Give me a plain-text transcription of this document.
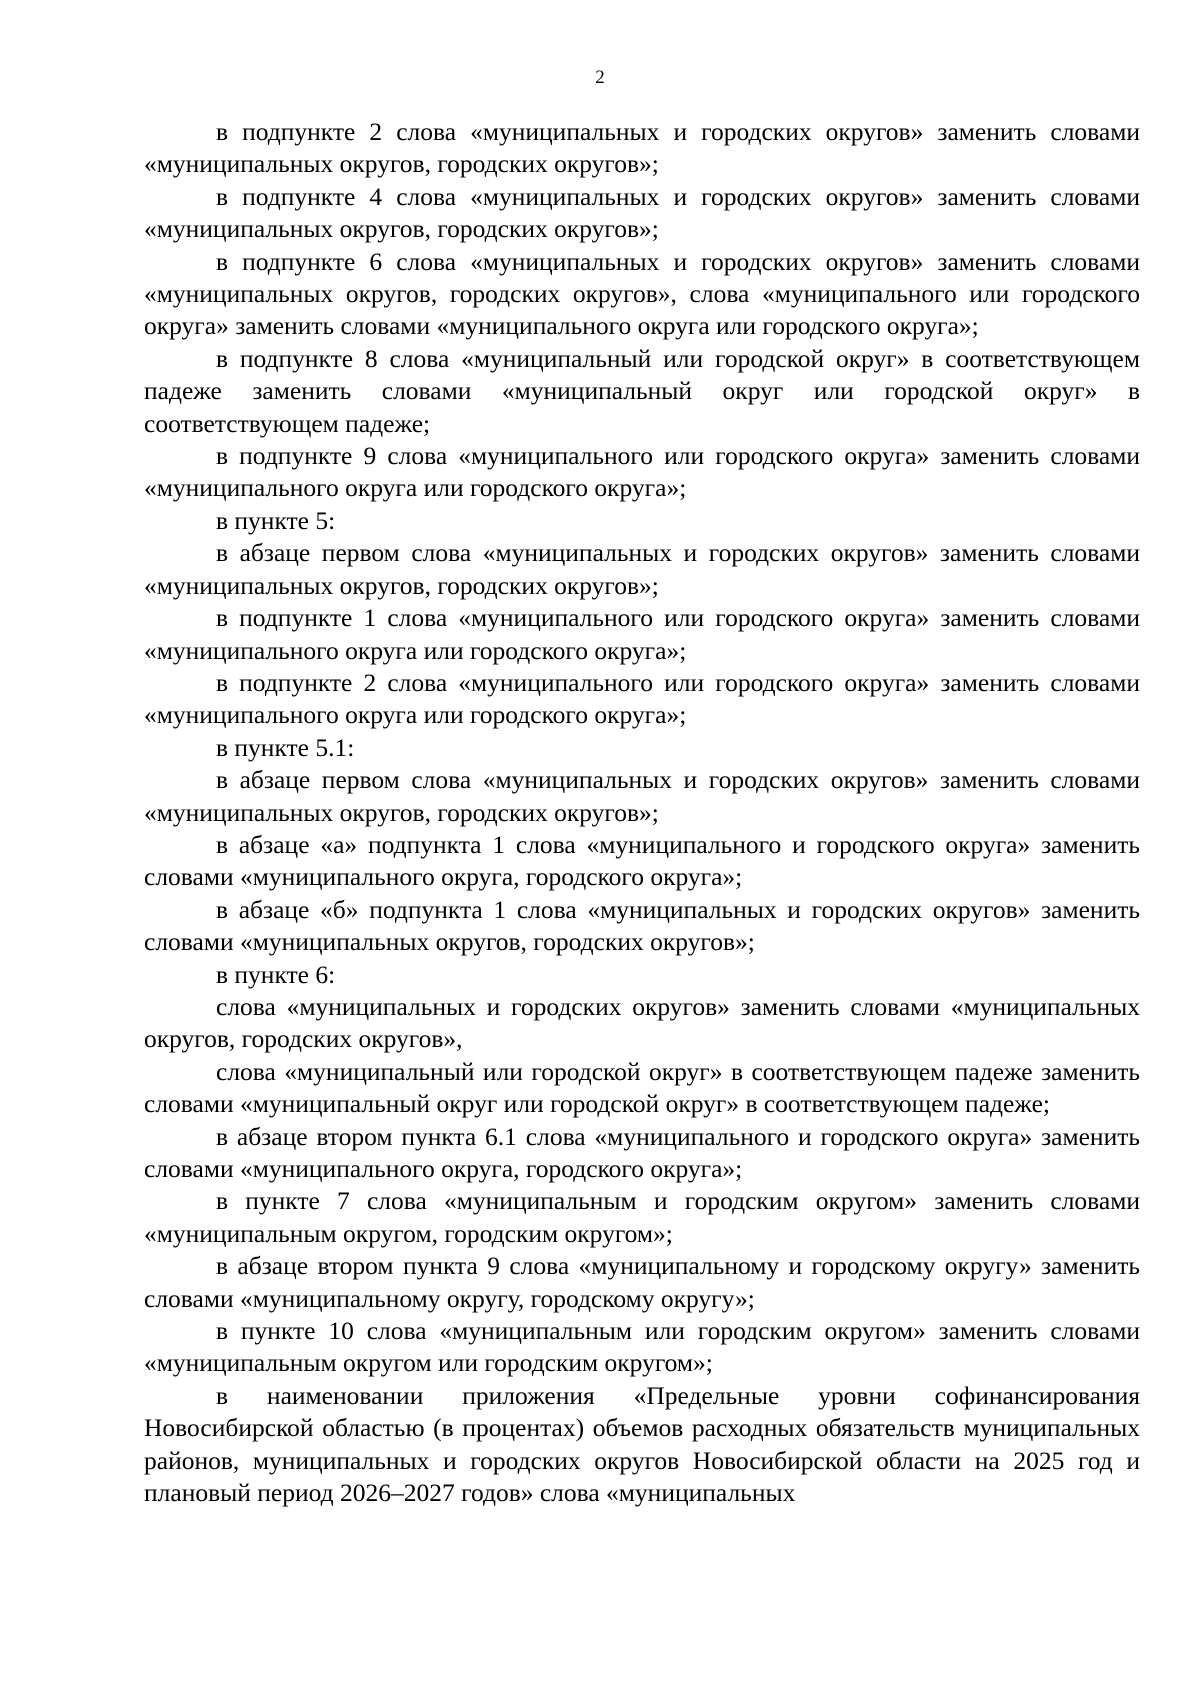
2

в подпункте 2 слова «муниципальных и городских округов» заменить словами «муниципальных округов, городских округов»;

в подпункте 4 слова «муниципальных и городских округов» заменить словами «муниципальных округов, городских округов»;

в подпункте 6 слова «муниципальных и городских округов» заменить словами «муниципальных округов, городских округов», слова «муниципального или городского округа» заменить словами «муниципального округа или городского округа»;

в подпункте 8 слова «муниципальный или городской округ» в соответствующем падеже заменить словами «муниципальный округ или городской округ» в соответствующем падеже;

в подпункте 9 слова «муниципального или городского округа» заменить словами «муниципального округа или городского округа»;

в пункте 5:

в абзаце первом слова «муниципальных и городских округов» заменить словами «муниципальных округов, городских округов»;

в подпункте 1 слова «муниципального или городского округа» заменить словами «муниципального округа или городского округа»;

в подпункте 2 слова «муниципального или городского округа» заменить словами «муниципального округа или городского округа»;

в пункте 5.1:

в абзаце первом слова «муниципальных и городских округов» заменить словами «муниципальных округов, городских округов»;

в абзаце «а» подпункта 1 слова «муниципального и городского округа» заменить словами «муниципального округа, городского округа»;

в абзаце «б» подпункта 1 слова «муниципальных и городских округов» заменить словами «муниципальных округов, городских округов»;

в пункте 6:

слова «муниципальных и городских округов» заменить словами «муниципальных округов, городских округов»,

слова «муниципальный или городской округ» в соответствующем падеже заменить словами «муниципальный округ или городской округ» в соответствующем падеже;

в абзаце втором пункта 6.1 слова «муниципального и городского округа» заменить словами «муниципального округа, городского округа»;

в пункте 7 слова «муниципальным и городским округом» заменить словами «муниципальным округом, городским округом»;

в абзаце втором пункта 9 слова «муниципальному и городскому округу» заменить словами «муниципальному округу, городскому округу»;

в пункте 10 слова «муниципальным или городским округом» заменить словами «муниципальным округом или городским округом»;

в наименовании приложения «Предельные уровни софинансирования Новосибирской областью (в процентах) объемов расходных обязательств муниципальных районов, муниципальных и городских округов Новосибирской области на 2025 год и плановый период 2026–2027 годов» слова «муниципальных
